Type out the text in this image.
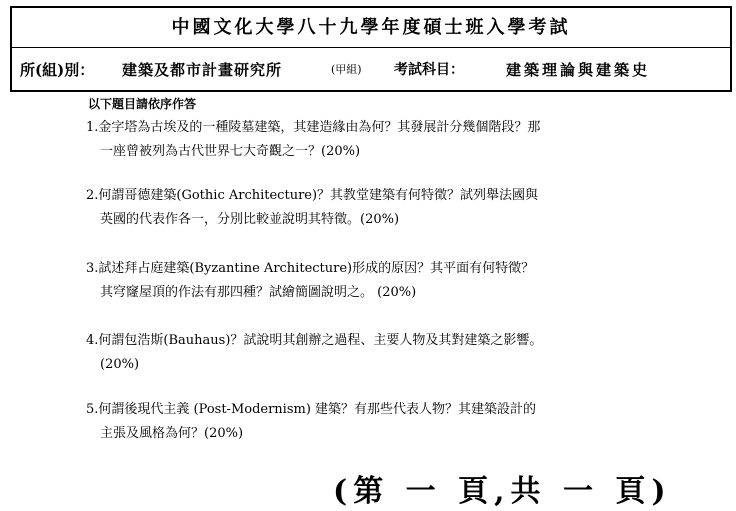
中國文化大學八十九學年度碩士班入學考試
所(組)別： 建築及都市計畫研究所	(甲組) 考試科目：	建築理論與建築史
以下題目請依序作答
1.金字塔為古埃及的一種陵墓建築，其建造緣由為何？其發展計分幾個階段？那
一座曾被列為古代世界七大奇觀之一？(20%)
2.何謂哥德建築(Gothic Architecture)？其教堂建築有何特徵？試列舉法國與
英國的代表作各一，分別比較並說明其特徵。(20%)
3.試述拜占庭建築(Byzantine Architecture)形成的原因？其平面有何特徵？
其穹窿屋頂的作法有那四種？試繪簡圖說明之。 (20%)
4.何謂包浩斯(Bauhaus)？試說明其創辦之過程、主要人物及其對建築之影響。
(20%)
5.何謂後現代主義 (Post-Modernism) 建築？有那些代表人物？其建築設計的
主張及風格為何？(20%)
(第 一 頁,共 一 頁)
